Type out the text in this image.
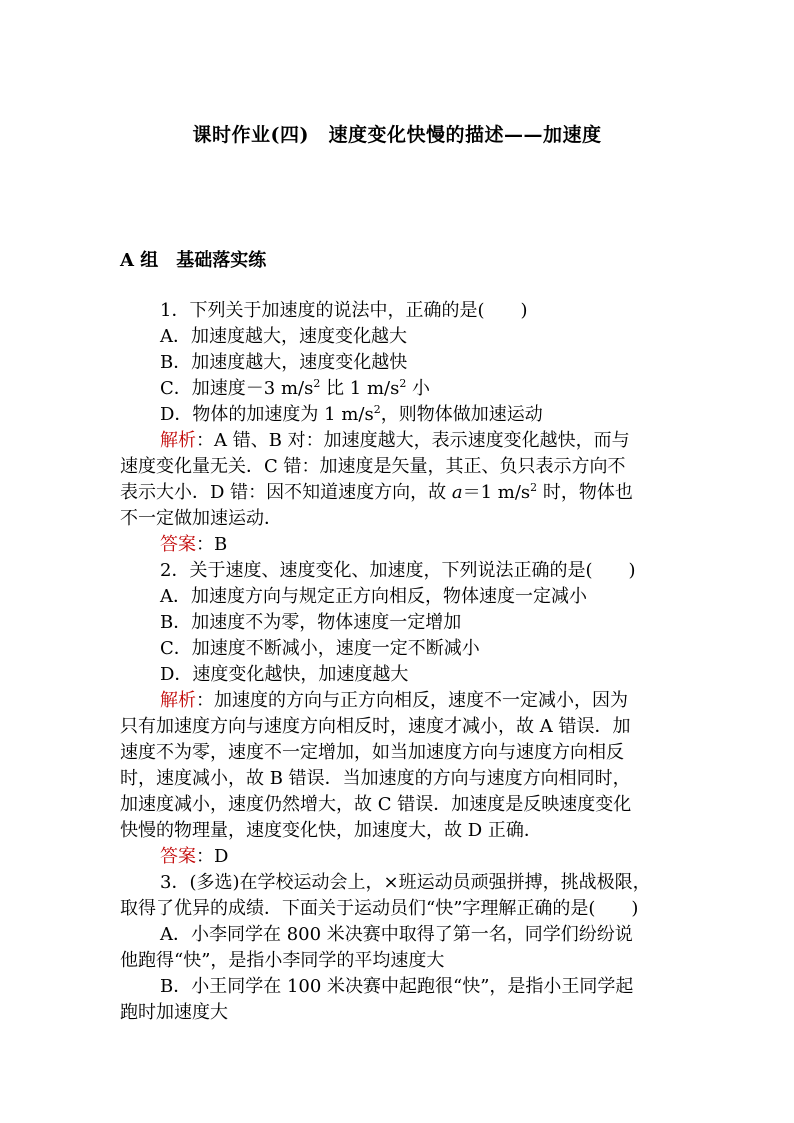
课时作业(四)　速度变化快慢的描述——加速度
A 组　基础落实练
1．下列关于加速度的说法中，正确的是(　　)
A．加速度越大，速度变化越大
B．加速度越大，速度变化越快
C．加速度－3 $m/s^2$ 比 1 $m/s^2$ 小
D．物体的加速度为 1 $m/s^2$，则物体做加速运动
解析：A 错、B 对：加速度越大，表示速度变化越快，而与
速度变化量无关．C 错：加速度是矢量，其正、负只表示方向不
表示大小．D 错：因不知道速度方向，故 a＝1 $m/s^2$ 时，物体也
不一定做加速运动．
答案：B
2．关于速度、速度变化、加速度，下列说法正确的是(　　)
A．加速度方向与规定正方向相反，物体速度一定减小
B．加速度不为零，物体速度一定增加
C．加速度不断减小，速度一定不断减小
D．速度变化越快，加速度越大
解析：加速度的方向与正方向相反，速度不一定减小，因为
只有加速度方向与速度方向相反时，速度才减小，故 A 错误．加
速度不为零，速度不一定增加，如当加速度方向与速度方向相反
时，速度减小，故 B 错误．当加速度的方向与速度方向相同时，
加速度减小，速度仍然增大，故 C 错误．加速度是反映速度变化
快慢的物理量，速度变化快，加速度大，故 D 正确．
答案：D
3．(多选)在学校运动会上，×班运动员顽强拼搏，挑战极限，
取得了优异的成绩．下面关于运动员们“快”字理解正确的是(　　)
A．小李同学在 800 米决赛中取得了第一名，同学们纷纷说
他跑得“快”，是指小李同学的平均速度大
B．小王同学在 100 米决赛中起跑很“快”，是指小王同学起
跑时加速度大
